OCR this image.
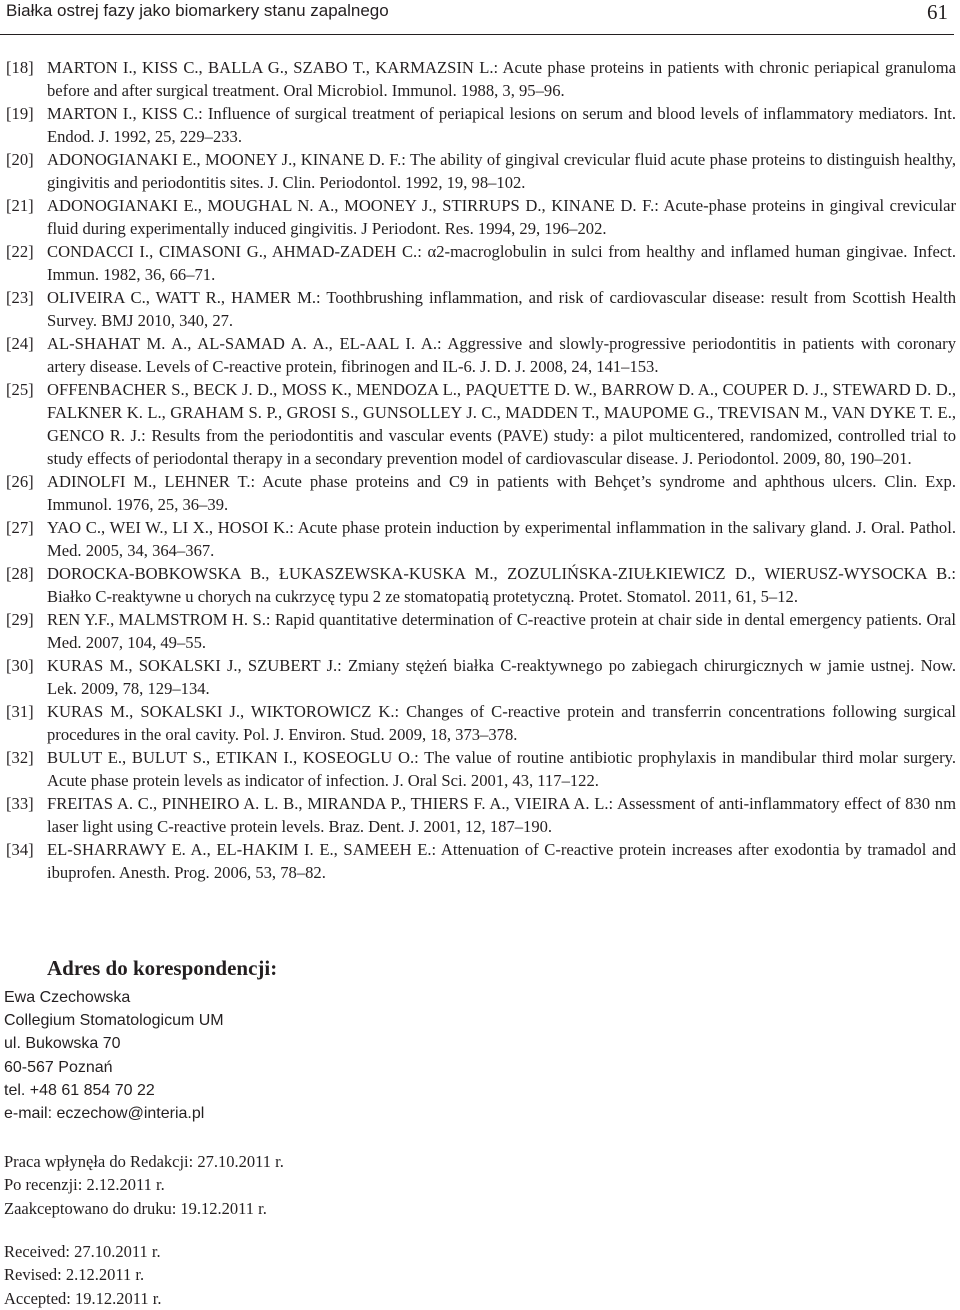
Białka ostrej fazy jako biomarkery stanu zapalnego	61
[18] MARTON I., KISS C., BALLA G., SZABO T., KARMAZSIN L.: Acute phase proteins in patients with chronic periapical granuloma before and after surgical treatment. Oral Microbiol. Immunol. 1988, 3, 95–96.
[19] MARTON I., KISS C.: Influence of surgical treatment of periapical lesions on serum and blood levels of inflammatory mediators. Int. Endod. J. 1992, 25, 229–233.
[20] ADONOGIANAKI E., MOONEY J., KINANE D. F.: The ability of gingival crevicular fluid acute phase proteins to distinguish healthy, gingivitis and periodontitis sites. J. Clin. Periodontol. 1992, 19, 98–102.
[21] ADONOGIANAKI E., MOUGHAL N. A., MOONEY J., STIRRUPS D., KINANE D. F.: Acute-phase proteins in gingival crevicular fluid during experimentally induced gingivitis. J Periodont. Res. 1994, 29, 196–202.
[22] CONDACCI I., CIMASONI G., AHMAD-ZADEH C.: α2-macroglobulin in sulci from healthy and inflamed human gingivae. Infect. Immun. 1982, 36, 66–71.
[23] OLIVEIRA C., WATT R., HAMER M.: Toothbrushing inflammation, and risk of cardiovascular disease: result from Scottish Health Survey. BMJ 2010, 340, 27.
[24] AL-SHAHAT M. A., AL-SAMAD A. A., EL-AAL I. A.: Aggressive and slowly-progressive periodontitis in patients with coronary artery disease. Levels of C-reactive protein, fibrinogen and IL-6. J. D. J. 2008, 24, 141–153.
[25] OFFENBACHER S., BECK J. D., MOSS K., MENDOZA L., PAQUETTE D. W., BARROW D. A., COUPER D. J., STEWARD D. D., FALKNER K. L., GRAHAM S. P., GROSI S., GUNSOLLEY J. C., MADDEN T., MAUPOME G., TREVISAN M., VAN DYKE T. E., GENCO R. J.: Results from the periodontitis and vascular events (PAVE) study: a pilot multicentered, randomized, controlled trial to study effects of periodontal therapy in a secondary prevention model of cardiovascular disease. J. Periodontol. 2009, 80, 190–201.
[26] ADINOLFI M., LEHNER T.: Acute phase proteins and C9 in patients with Behçet’s syndrome and aphthous ulcers. Clin. Exp. Immunol. 1976, 25, 36–39.
[27] YAO C., WEI W., LI X., HOSOI K.: Acute phase protein induction by experimental inflammation in the salivary gland. J. Oral. Pathol. Med. 2005, 34, 364–367.
[28] DOROCKA-BOBKOWSKA B., ŁUKASZEWSKA-KUSKA M., ZOZULIŃSKA-ZIUŁKIEWICZ D., WIERUSZ-WYSOCKA B.: Białko C-reaktywne u chorych na cukrzycę typu 2 ze stomatopatią protetyczną. Protet. Stomatol. 2011, 61, 5–12.
[29] REN Y.F., MALMSTROM H. S.: Rapid quantitative determination of C-reactive protein at chair side in dental emergency patients. Oral Med. 2007, 104, 49–55.
[30] KURAS M., SOKALSKI J., SZUBERT J.: Zmiany stężeń białka C-reaktywnego po zabiegach chirurgicznych w jamie ustnej. Now. Lek. 2009, 78, 129–134.
[31] KURAS M., SOKALSKI J., WIKTOROWICZ K.: Changes of C-reactive protein and transferrin concentrations following surgical procedures in the oral cavity. Pol. J. Environ. Stud. 2009, 18, 373–378.
[32] BULUT E., BULUT S., ETIKAN I., KOSEOGLU O.: The value of routine antibiotic prophylaxis in mandibular third molar surgery. Acute phase protein levels as indicator of infection. J. Oral Sci. 2001, 43, 117–122.
[33] FREITAS A. C., PINHEIRO A. L. B., MIRANDA P., THIERS F. A., VIEIRA A. L.: Assessment of anti-inflammatory effect of 830 nm laser light using C-reactive protein levels. Braz. Dent. J. 2001, 12, 187–190.
[34] EL-SHARRAWY E. A., EL-HAKIM I. E., SAMEEH E.: Attenuation of C-reactive protein increases after exodontia by tramadol and ibuprofen. Anesth. Prog. 2006, 53, 78–82.
Adres do korespondencji:
Ewa Czechowska
Collegium Stomatologicum UM
ul. Bukowska 70
60-567 Poznań
tel. +48 61 854 70 22
e-mail: eczechow@interia.pl
Praca wpłynęła do Redakcji: 27.10.2011 r.
Po recenzji: 2.12.2011 r.
Zaakceptowano do druku: 19.12.2011 r.
Received: 27.10.2011 r.
Revised: 2.12.2011 r.
Accepted: 19.12.2011 r.
